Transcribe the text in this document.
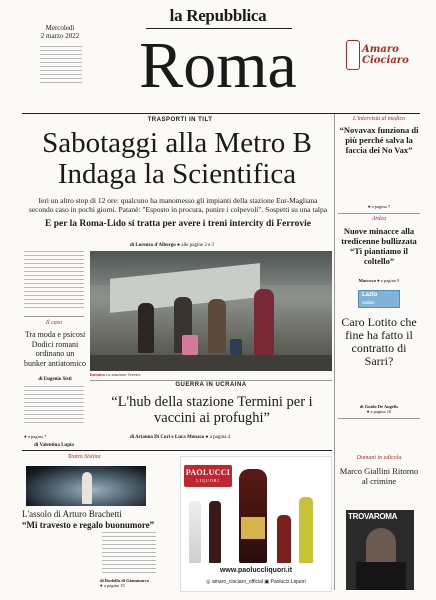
la Repubblica
Roma
Mercoledì
2 marzo 2022
Amaro Ciociaro
TRASPORTI IN TILT
Sabotaggi alla Metro B
Indaga la Scientifica
Ieri un altro stop di 12 ore: qualcuno ha manomesso gli impianti della stazione Eur-Magliana secondo caso in pochi giorni. Patanè: "Esposto in procura, punire i colpevoli". Sospetti su una talpa
E per la Roma-Lido si tratta per avere i treni intercity di Ferrovie
di Lorenzo d'Albergo ● alle pagine 2 e 3
Dolomo La stazione Termini
Il caso
Tra moda e psicosi Dodici romani ordinano un bunker antiatomico
di Eugenio Sisti
● a pagina 7
di Valentina Lupia
GUERRA IN UCRAINA
“L'hub della stazione Termini per i vaccini ai profughi”
di Arianna Di Cori e Luca Monaco ● a pagina 4
L'intervista al medico
“Novavax funziona di più perché salva la faccia dei No Vax”
● a pagina 7
Ardea
Nuove minacce alla tredicenne bullizzata “Ti piantiamo il coltello”
Marcova ● a pagina 9
Lazio
Salute
Caro Lotito che fine ha fatto il contratto di Sarri?
di Guido De Angelis
● a pagina 18
Domani in edicola
Marco Giallini Ritorno al crimine
TROVAROMA
Teatro Sistina
L'assolo di Arturo Brachetti
“Mi travesto e regalo buonumore”
di Rodolfo di Giammarco
● a pagina 15
PAOLUCCI
LIQUORI
www.paoluccliquori.it
◎ amaro_ciociaro_official ▣ Paolucci Liquori
